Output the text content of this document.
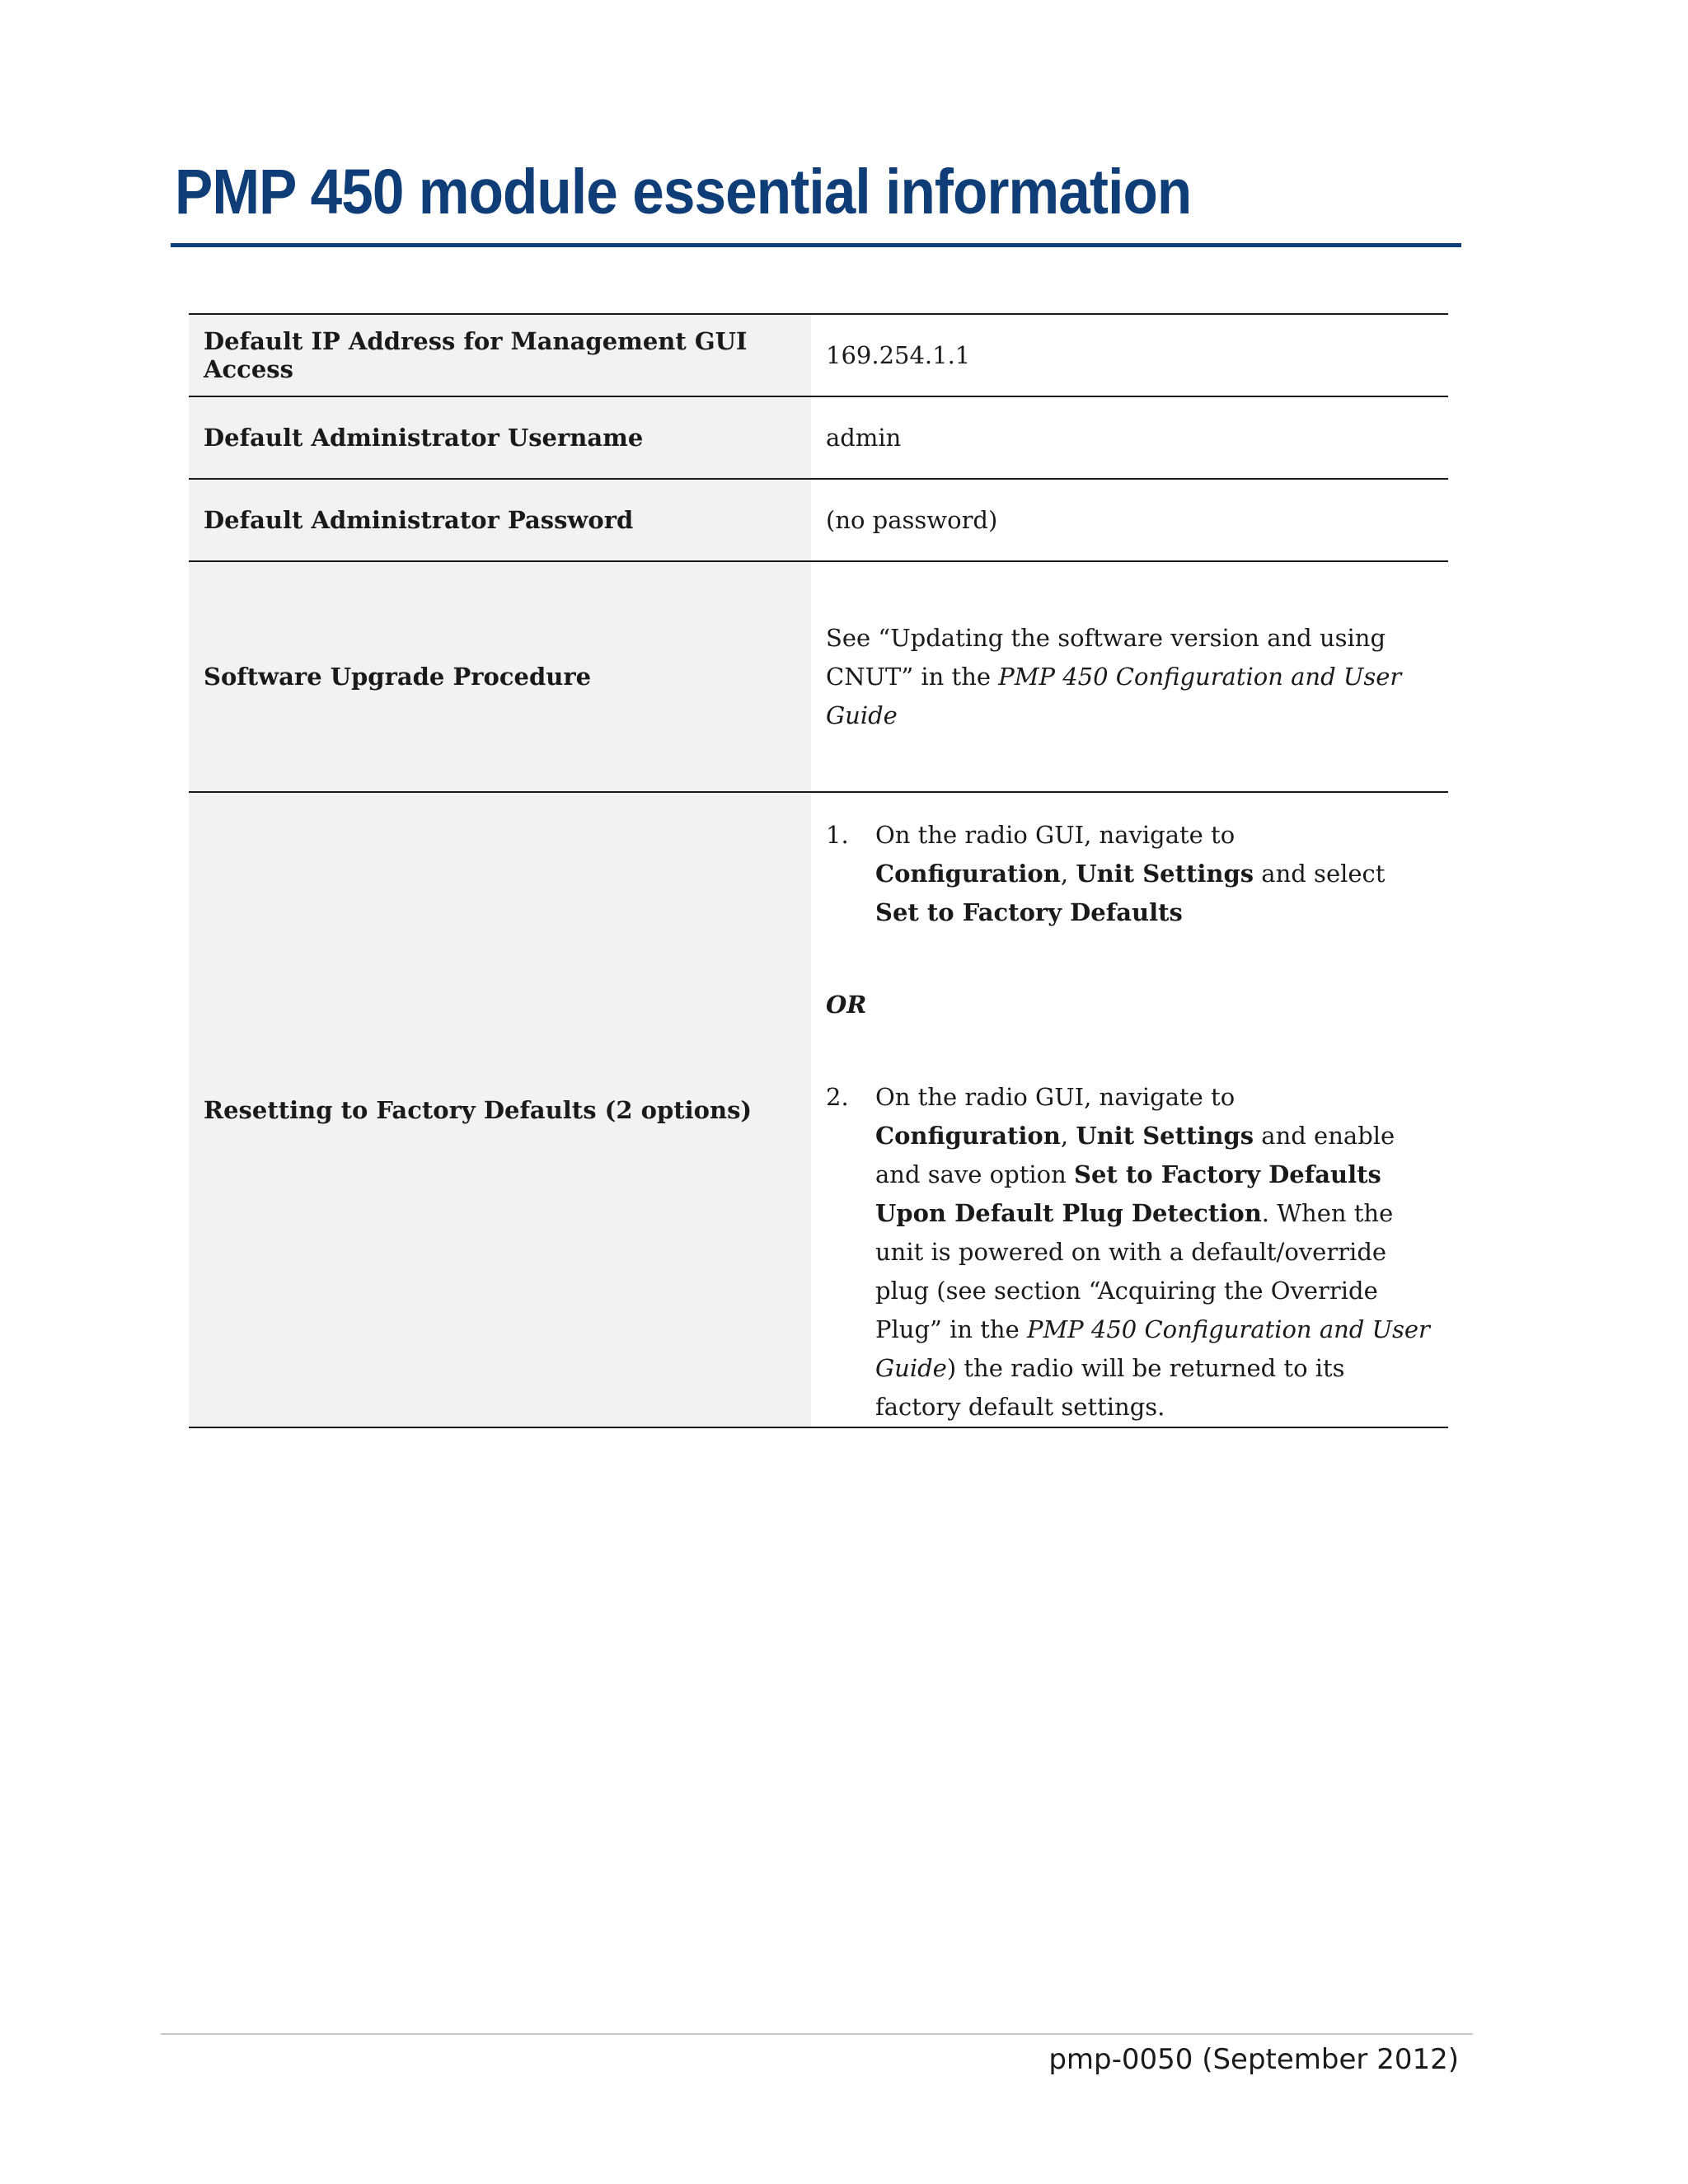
PMP 450 module essential information
Default IP Address for Management GUI Access	169.254.1.1
Default Administrator Username	admin
Default Administrator Password	(no password)
Software Upgrade Procedure	See “Updating the software version and using CNUT” in the PMP 450 Configuration and User Guide
Resetting to Factory Defaults (2 options)	1. On the radio GUI, navigate to Configuration, Unit Settings and select Set to Factory Defaults
OR
2. On the radio GUI, navigate to Configuration, Unit Settings and enable and save option Set to Factory Defaults Upon Default Plug Detection. When the unit is powered on with a default/override plug (see section “Acquiring the Override Plug” in the PMP 450 Configuration and User Guide) the radio will be returned to its factory default settings.
pmp-0050 (September 2012)
